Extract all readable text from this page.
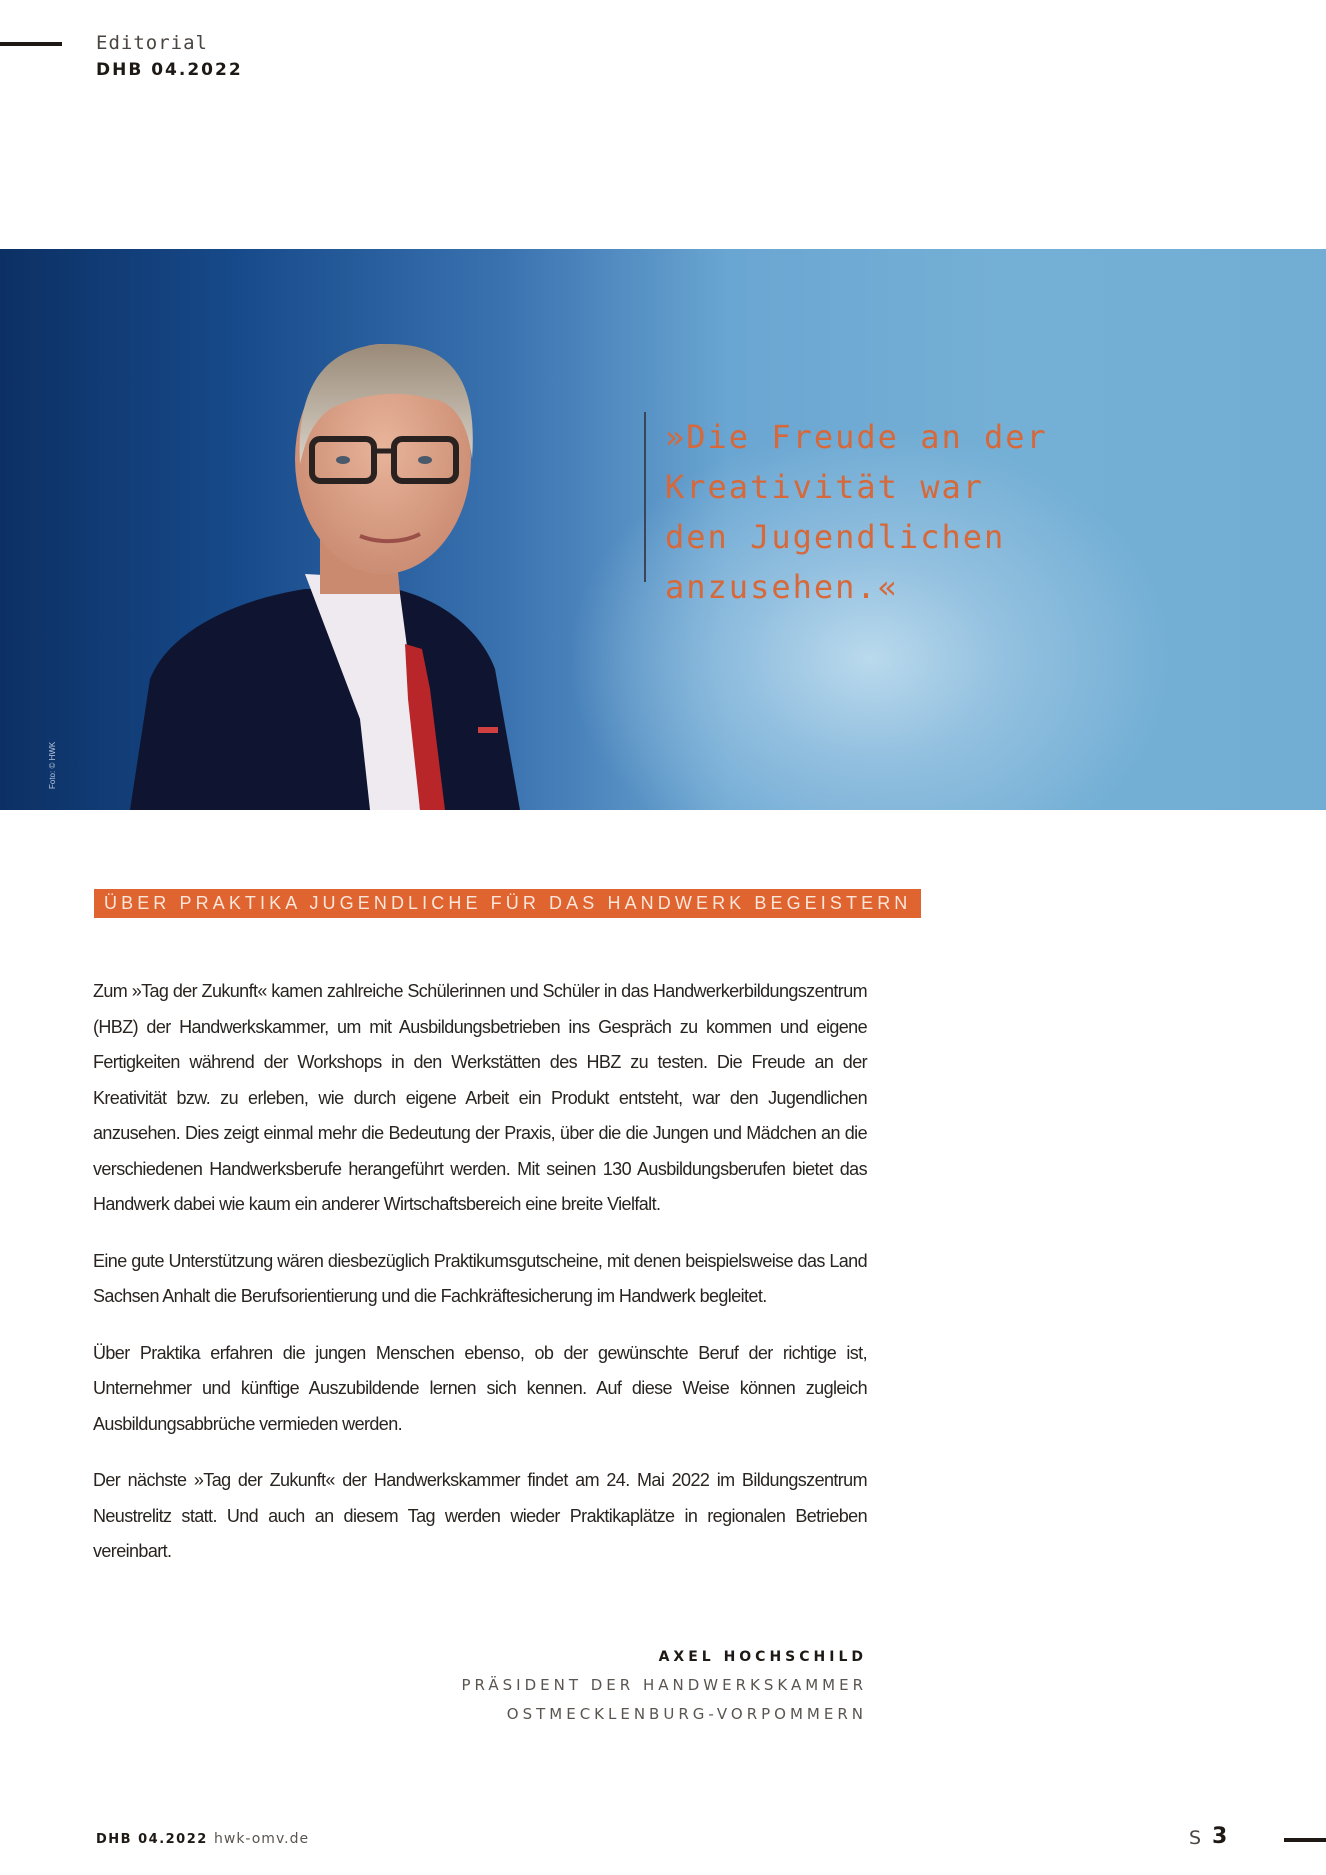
Editorial
DHB 04.2022
Foto: © HWK
»Die Freude an der
Kreativität war
den Jugendlichen
anzusehen.«
ÜBER PRAKTIKA JUGENDLICHE FÜR DAS HANDWERK BEGEISTERN

Zum »Tag der Zukunft« kamen zahlreiche Schülerinnen und Schüler in das Handwerkerbildungszentrum (HBZ) der Handwerkskammer, um mit Ausbildungsbetrieben ins Gespräch zu kommen und eigene Fertigkeiten während der Workshops in den Werkstätten des HBZ zu testen. Die Freude an der Kreativität bzw. zu erleben, wie durch eigene Arbeit ein Produkt entsteht, war den Jugendlichen anzusehen. Dies zeigt einmal mehr die Bedeutung der Praxis, über die die Jungen und Mädchen an die verschiedenen Handwerksberufe herangeführt werden. Mit seinen 130 Ausbildungsberufen bietet das Handwerk dabei wie kaum ein anderer Wirtschaftsbereich eine breite Vielfalt.

Eine gute Unterstützung wären diesbezüglich Praktikumsgutscheine, mit denen beispielsweise das Land Sachsen Anhalt die Berufsorientierung und die Fachkräftesicherung im Handwerk begleitet.

Über Praktika erfahren die jungen Menschen ebenso, ob der gewünschte Beruf der richtige ist, Unternehmer und künftige Auszubildende lernen sich kennen. Auf diese Weise können zugleich Ausbildungsabbrüche vermieden werden.

Der nächste »Tag der Zukunft« der Handwerkskammer findet am 24. Mai 2022 im Bildungszentrum Neustrelitz statt. Und auch an diesem Tag werden wieder Praktikaplätze in regionalen Betrieben vereinbart.

AXEL HOCHSCHILD
PRÄSIDENT DER HANDWERKSKAMMER
OSTMECKLENBURG-VORPOMMERN
DHB 04.2022 hwk-omv.de	S 3
